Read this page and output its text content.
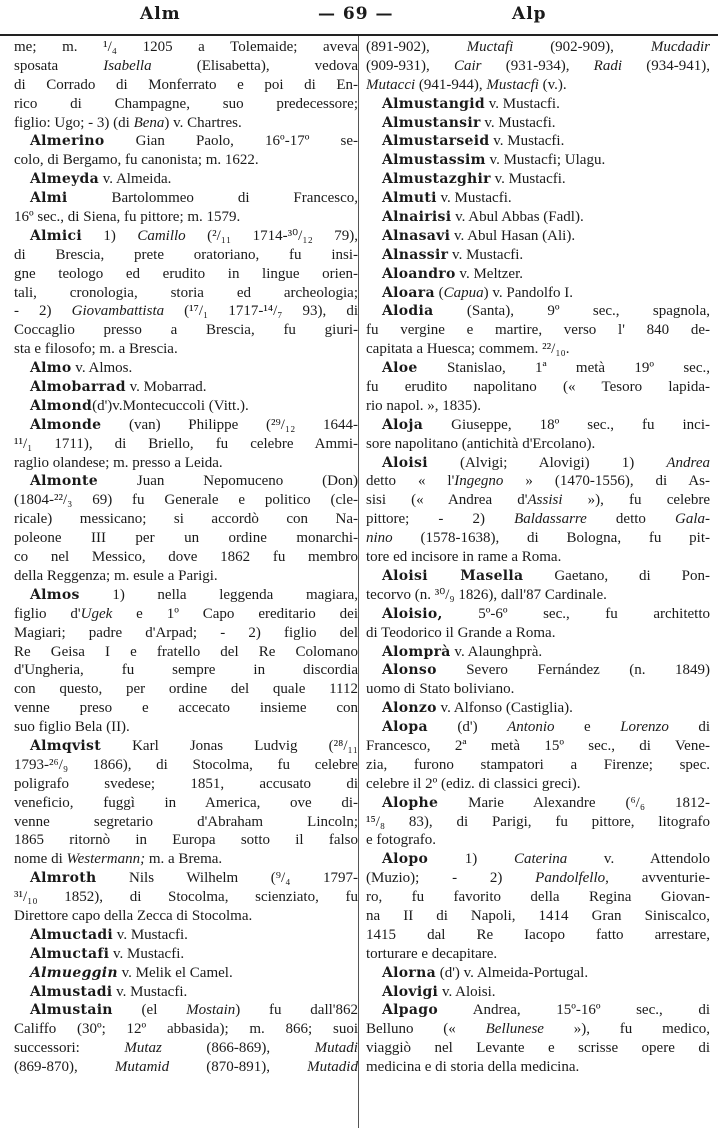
Alm	— 69 —	Alp
me; m. ¹/₄ 1205 a Tolemaide; aveva
sposata Isabella (Elisabetta), vedova
di Corrado di Monferrato e poi di En-
rico di Champagne, suo predecessore;
figlio: Ugo; - 3) (di Bena) v. Chartres.
Almerino Gian Paolo, 16º-17º se-
colo, di Bergamo, fu canonista; m. 1622.
Almeyda v. Almeida.
Almi Bartolommeo di Francesco,
16º sec., di Siena, fu pittore; m. 1579.
Almici 1) Camillo (²/₁₁ 1714-³⁰/₁₂ 79),
di Brescia, prete oratoriano, fu insi-
gne teologo ed erudito in lingue orien-
tali, cronologia, storia ed archeologia;
- 2) Giovambattista (¹⁷/₁ 1717-¹⁴/₇ 93), di
Coccaglio presso a Brescia, fu giuri-
sta e filosofo; m. a Brescia.
Almo v. Almos.
Almobarrad v. Mobarrad.
Almond(d')v.Montecuccoli (Vitt.).
Almonde (van) Philippe (²⁹/₁₂ 1644-
¹¹/₁ 1711), di Briello, fu celebre Ammi-
raglio olandese; m. presso a Leida.
Almonte Juan Nepomuceno (Don)
(1804-²²/₃ 69) fu Generale e politico (cle-
ricale) messicano; si accordò con Na-
poleone III per un ordine monarchi-
co nel Messico, dove 1862 fu membro
della Reggenza; m. esule a Parigi.
Almos 1) nella leggenda magiara,
figlio d'Ugek e 1º Capo ereditario dei
Magiari; padre d'Arpad; - 2) figlio del
Re Geisa I e fratello del Re Colomano
d'Ungheria, fu sempre in discordia
con questo, per ordine del quale 1112
venne preso e accecato insieme con
suo figlio Bela (II).
Almqvist Karl Jonas Ludvig (²⁸/₁₁
1793-²⁶/₉ 1866), di Stocolma, fu celebre
poligrafo svedese; 1851, accusato di
veneficio, fuggì in America, ove di-
venne segretario d'Abraham Lincoln;
1865 ritornò in Europa sotto il falso
nome di Westermann; m. a Brema.
Almroth Nils Wilhelm (⁹/₄ 1797-
³¹/₁₀ 1852), di Stocolma, scienziato, fu
Direttore capo della Zecca di Stocolma.
Almuctadi v. Mustacfi.
Almuctafi v. Mustacfi.
Almueggin v. Melik el Camel.
Almustadi v. Mustacfi.
Almustain (el Mostain) fu dall'862
Califfo (30º; 12º abbasida); m. 866; suoi
successori: Mutaz (866-869), Mutadi
(869-870), Mutamid (870-891), Mutadid
(891-902), Muctafi (902-909), Mucdadir
(909-931), Cair (931-934), Radi (934-941),
Mutacci (941-944), Mustacfi (v.).
Almustangid v. Mustacfi.
Almustansir v. Mustacfi.
Almustarseid v. Mustacfi.
Almustassim v. Mustacfi; Ulagu.
Almustazghir v. Mustacfi.
Almuti v. Mustacfi.
Alnairisi v. Abul Abbas (Fadl).
Alnasavi v. Abul Hasan (Ali).
Alnassir v. Mustacfi.
Aloandro v. Meltzer.
Aloara (Capua) v. Pandolfo I.
Alodia (Santa), 9º sec., spagnola,
fu vergine e martire, verso l' 840 de-
capitata a Huesca; commem. ²²/₁₀.
Aloe Stanislao, 1ª metà 19º sec.,
fu erudito napolitano (« Tesoro lapida-
rio napol. », 1835).
Aloja Giuseppe, 18º sec., fu inci-
sore napolitano (antichità d'Ercolano).
Aloisi (Alvigi; Alovigi) 1) Andrea
detto « l'Ingegno » (1470-1556), di As-
sisi (« Andrea d'Assisi »), fu celebre
pittore; - 2) Baldassarre detto Gala-
nino (1578-1638), di Bologna, fu pit-
tore ed incisore in rame a Roma.
Aloisi Masella Gaetano, di Pon-
tecorvo (n. ³⁰/₉ 1826), dall'87 Cardinale.
Aloisio, 5º-6º sec., fu architetto
di Teodorico il Grande a Roma.
Alomprà v. Alaunghprà.
Alonso Severo Fernández (n. 1849)
uomo di Stato boliviano.
Alonzo v. Alfonso (Castiglia).
Alopa (d') Antonio e Lorenzo di
Francesco, 2ª metà 15º sec., di Vene-
zia, furono stampatori a Firenze; spec.
celebre il 2º (ediz. di classici greci).
Alophe Marie Alexandre (⁶/₆ 1812-
¹⁵/₈ 83), di Parigi, fu pittore, litografo
e fotografo.
Alopo 1) Caterina v. Attendolo
(Muzio); - 2) Pandolfello, avventurie-
ro, fu favorito della Regina Giovan-
na II di Napoli, 1414 Gran Siniscalco,
1415 dal Re Iacopo fatto arrestare,
torturare e decapitare.
Alorna (d') v. Almeida-Portugal.
Alovigi v. Aloisi.
Alpago Andrea, 15º-16º sec., di
Belluno (« Bellunese »), fu medico,
viaggiò nel Levante e scrisse opere di
medicina e di storia della medicina.
